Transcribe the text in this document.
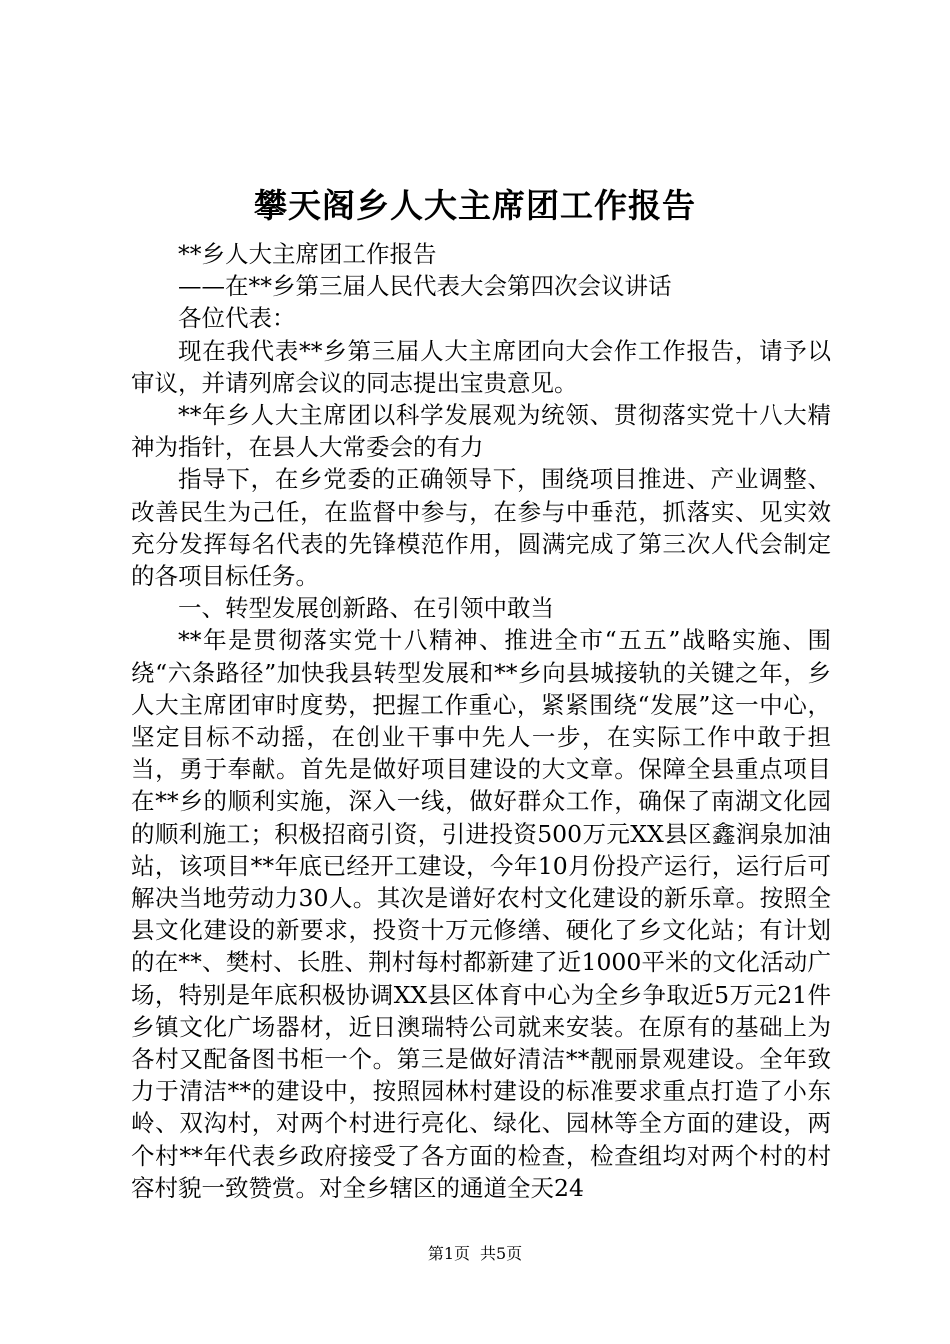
攀天阁乡人大主席团工作报告

**乡人大主席团工作报告

——在**乡第三届人民代表大会第四次会议讲话

各位代表：

现在我代表**乡第三届人大主席团向大会作工作报告，请予以审议，并请列席会议的同志提出宝贵意见。

**年乡人大主席团以科学发展观为统领、贯彻落实党十八大精神为指针，在县人大常委会的有力

指导下，在乡党委的正确领导下，围绕项目推进、产业调整、改善民生为己任，在监督中参与，在参与中垂范，抓落实、见实效充分发挥每名代表的先锋模范作用，圆满完成了第三次人代会制定的各项目标任务。

一、转型发展创新路、在引领中敢当

**年是贯彻落实党十八精神、推进全市“五五”战略实施、围绕“六条路径”加快我县转型发展和**乡向县城接轨的关键之年，乡人大主席团审时度势，把握工作重心，紧紧围绕“发展”这一中心，坚定目标不动摇，在创业干事中先人一步，在实际工作中敢于担当，勇于奉献。首先是做好项目建设的大文章。保障全县重点项目在**乡的顺利实施，深入一线，做好群众工作，确保了南湖文化园的顺利施工；积极招商引资，引进投资500万元XX县区鑫润泉加油站，该项目**年底已经开工建设，今年10月份投产运行，运行后可解决当地劳动力30人。其次是谱好农村文化建设的新乐章。按照全县文化建设的新要求，投资十万元修缮、硬化了乡文化站；有计划的在**、樊村、长胜、荆村每村都新建了近1000平米的文化活动广场，特别是年底积极协调XX县区体育中心为全乡争取近5万元21件乡镇文化广场器材，近日澳瑞特公司就来安装。在原有的基础上为各村又配备图书柜一个。第三是做好清洁**靓丽景观建设。全年致力于清洁**的建设中，按照园林村建设的标准要求重点打造了小东岭、双沟村，对两个村进行亮化、绿化、园林等全方面的建设，两个村**年代表乡政府接受了各方面的检查，检查组均对两个村的村容村貌一致赞赏。对全乡辖区的通道全天24

第1页 共5页
